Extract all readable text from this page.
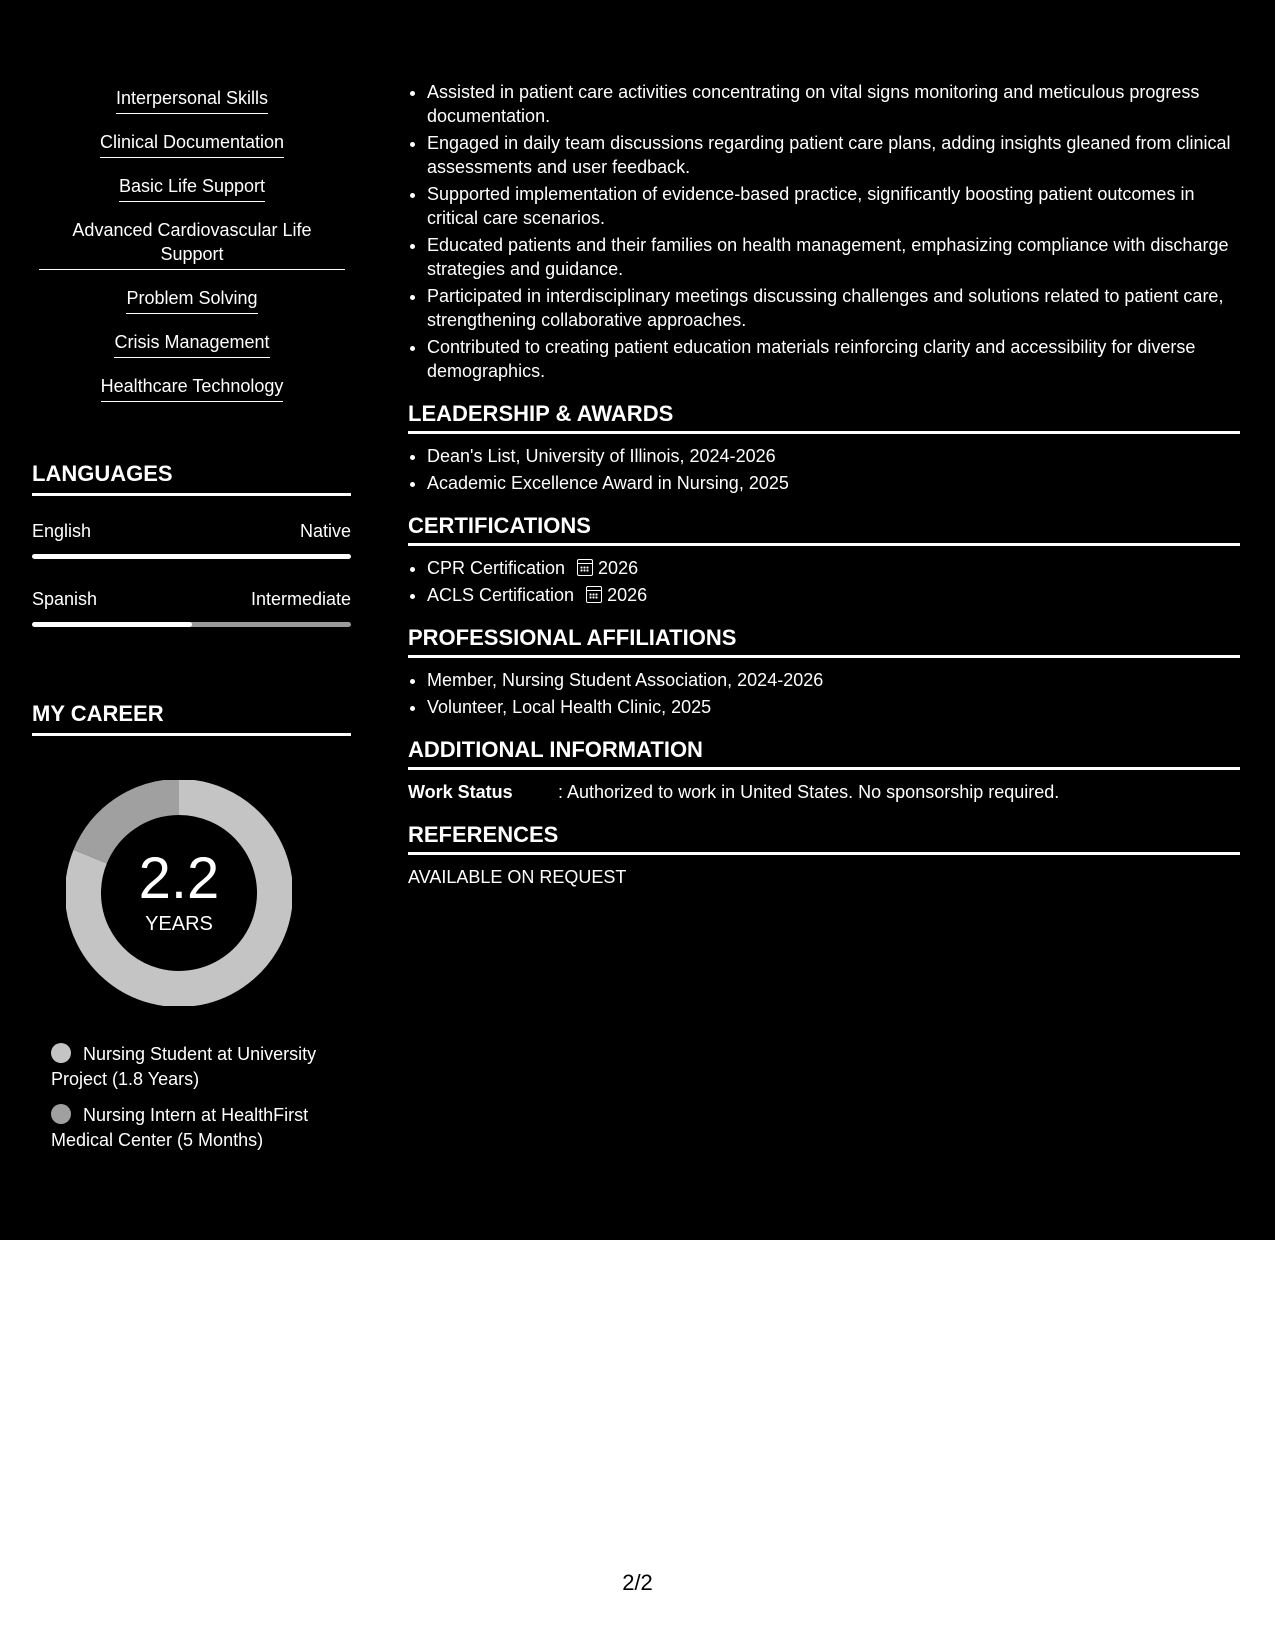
Interpersonal Skills
Clinical Documentation
Basic Life Support
Advanced Cardiovascular Life Support
Problem Solving
Crisis Management
Healthcare Technology
LANGUAGES
English	Native
Spanish	Intermediate
MY CAREER
2.2
YEARS
Nursing Student at University Project (1.8 Years)
Nursing Intern at HealthFirst Medical Center (5 Months)
• Assisted in patient care activities concentrating on vital signs monitoring and meticulous progress documentation.
• Engaged in daily team discussions regarding patient care plans, adding insights gleaned from clinical assessments and user feedback.
• Supported implementation of evidence-based practice, significantly boosting patient outcomes in critical care scenarios.
• Educated patients and their families on health management, emphasizing compliance with discharge strategies and guidance.
• Participated in interdisciplinary meetings discussing challenges and solutions related to patient care, strengthening collaborative approaches.
• Contributed to creating patient education materials reinforcing clarity and accessibility for diverse demographics.
LEADERSHIP & AWARDS
• Dean's List, University of Illinois, 2024-2026
• Academic Excellence Award in Nursing, 2025
CERTIFICATIONS
• CPR Certification 2026
• ACLS Certification 2026
PROFESSIONAL AFFILIATIONS
• Member, Nursing Student Association, 2024-2026
• Volunteer, Local Health Clinic, 2025
ADDITIONAL INFORMATION
Work Status	: Authorized to work in United States. No sponsorship required.
REFERENCES
AVAILABLE ON REQUEST
2/2
